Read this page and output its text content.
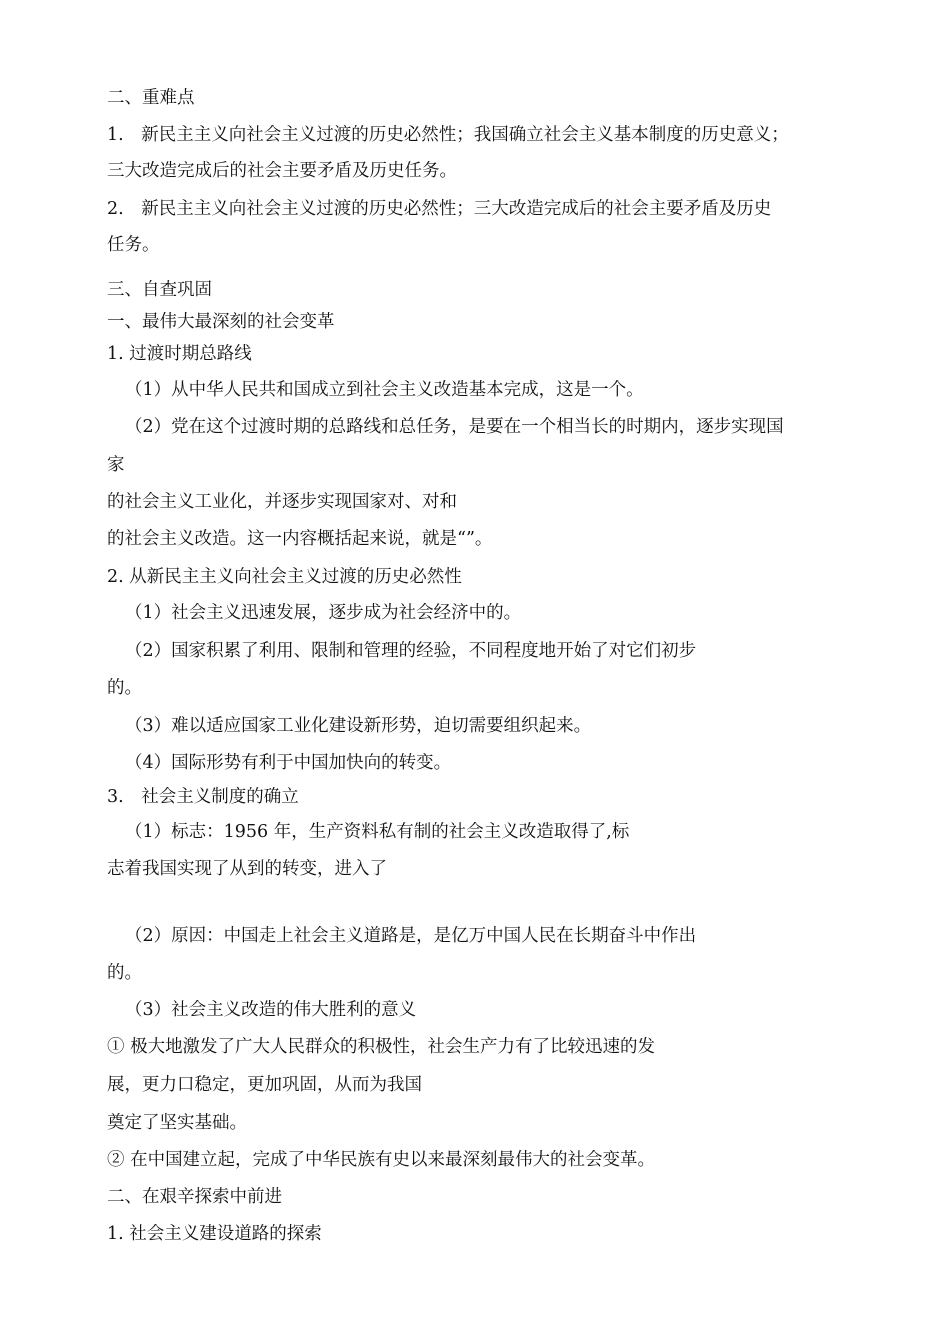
二、重难点
1.　新民主主义向社会主义过渡的历史必然性；我国确立社会主义基本制度的历史意义；
三大改造完成后的社会主要矛盾及历史任务。
2.　新民主主义向社会主义过渡的历史必然性；三大改造完成后的社会主要矛盾及历史
任务。
三、自查巩固
一、最伟大最深刻的社会变革
1. 过渡时期总路线
（1）从中华人民共和国成立到社会主义改造基本完成，这是一个。
（2）党在这个过渡时期的总路线和总任务，是要在一个相当长的时期内，逐步实现国
家
的社会主义工业化，并逐步实现国家对、对和
的社会主义改造。这一内容概括起来说，就是“”。
2. 从新民主主义向社会主义过渡的历史必然性
（1）社会主义迅速发展，逐步成为社会经济中的。
（2）国家积累了利用、限制和管理的经验，不同程度地开始了对它们初步
的。
（3）难以适应国家工业化建设新形势，迫切需要组织起来。
（4）国际形势有利于中国加快向的转变。
3.　社会主义制度的确立
（1）标志：1956 年，生产资料私有制的社会主义改造取得了,标
志着我国实现了从到的转变，进入了
（2）原因：中国走上社会主义道路是，是亿万中国人民在长期奋斗中作出
的。
（3）社会主义改造的伟大胜利的意义
① 极大地激发了广大人民群众的积极性，社会生产力有了比较迅速的发
展，更力口稳定，更加巩固，从而为我国
奠定了坚实基础。
② 在中国建立起，完成了中华民族有史以来最深刻最伟大的社会变革。
二、在艰辛探索中前进
1. 社会主义建设道路的探索
